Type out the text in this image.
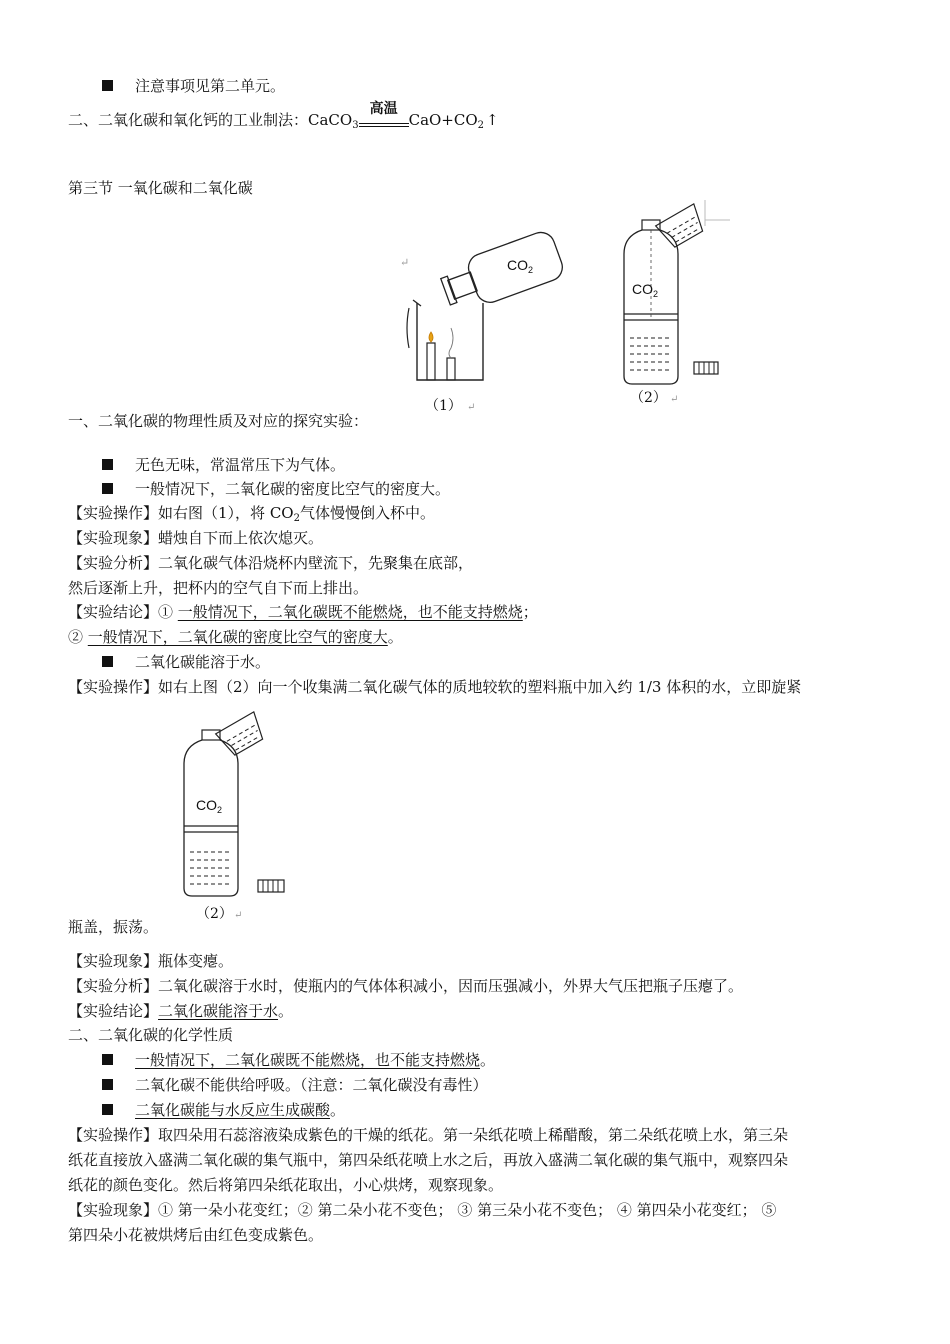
注意事项见第二单元。
二、二氧化碳和氧化钙的工业制法：CaCO$_3$
高温
$CaO+CO_2$ ↑
第三节 一氧化碳和二氧化碳
↵	$CO_2$
（1） ↵
$CO_2$
（2） ↵
一、二氧化碳的物理性质及对应的探究实验：
无色无味，常温常压下为气体。
一般情况下，二氧化碳的密度比空气的密度大。
【实验操作】如右图（1），将 $CO_2$气体慢慢倒入杯中。
【实验现象】蜡烛自下而上依次熄灭。
【实验分析】二氧化碳气体沿烧杯内壁流下，先聚集在底部，
然后逐渐上升，把杯内的空气自下而上排出。
【实验结论】① 一般情况下，二氧化碳既不能燃烧，也不能支持燃烧；
② 一般情况下，二氧化碳的密度比空气的密度大。
二氧化碳能溶于水。
【实验操作】如右上图（2）向一个收集满二氧化碳气体的质地较软的塑料瓶中加入约 1/3 体积的水，立即旋紧
$CO_2$
（2） ↵
瓶盖，振荡。
【实验现象】瓶体变瘪。
【实验分析】二氧化碳溶于水时，使瓶内的气体体积减小，因而压强减小，外界大气压把瓶子压瘪了。
【实验结论】二氧化碳能溶于水。
二、二氧化碳的化学性质
一般情况下，二氧化碳既不能燃烧，也不能支持燃烧。
二氧化碳不能供给呼吸。（注意：二氧化碳没有毒性）
二氧化碳能与水反应生成碳酸。
【实验操作】取四朵用石蕊溶液染成紫色的干燥的纸花。第一朵纸花喷上稀醋酸，第二朵纸花喷上水，第三朵
纸花直接放入盛满二氧化碳的集气瓶中，第四朵纸花喷上水之后，再放入盛满二氧化碳的集气瓶中，观察四朵
纸花的颜色变化。然后将第四朵纸花取出，小心烘烤，观察现象。
【实验现象】① 第一朵小花变红；② 第二朵小花不变色； ③ 第三朵小花不变色； ④ 第四朵小花变红； ⑤
第四朵小花被烘烤后由红色变成紫色。
